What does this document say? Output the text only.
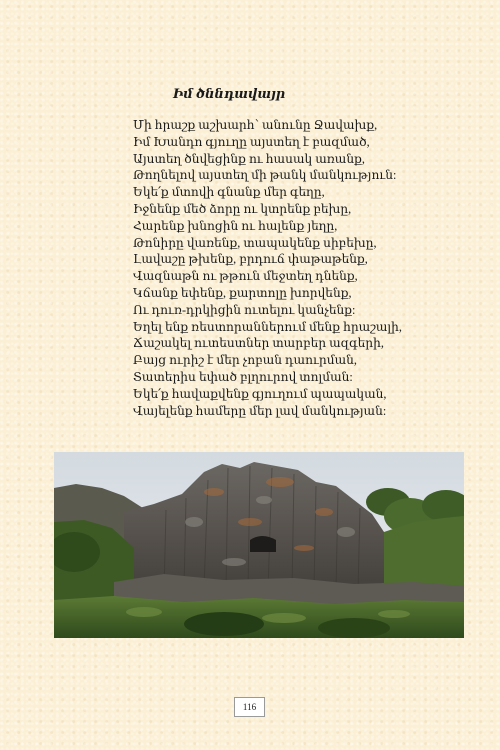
Իմ ծննդավայր
Մի հրաշք աշխարհ՝ անունը Ջավախք,
Իմ Խանդո գյուղը այստեղ է բազմած,
Այստեղ ծնվեցինք ու հասակ առանք,
Թողնելով այստեղ մի թանկ մանկություն:
Եկե՛ք մտովի գնանք մեր գեղը,
Իջնենք մեծ ձորը ու կտրենք բեխը,
Հարենք խնոցին ու հալենք յեղը,
Թոնիրը վառենք, տապակենք սիբեխը,
Լավաշը թխենք, բրդուճ փաթաթենք,
Վազնաթն ու թթուն մեջտեղ դնենք,
Կճանք եփենք, քարտոլը խորվենք,
Ու դուռ-դրկիցին ուտելու կանչենք:
Եղել ենք ռեստորաններում մենք հրաշալի,
Ճաշակել ուտեստներ տարբեր ազգերի,
Բայց ուրիշ է մեր չոբան դաուրման,
Տատերիս եփած բլղուրով տոլման:
Եկե՛ք հավաքվենք գյուղում պապական,
Վայելենք համերը մեր լավ մանկության:
116
